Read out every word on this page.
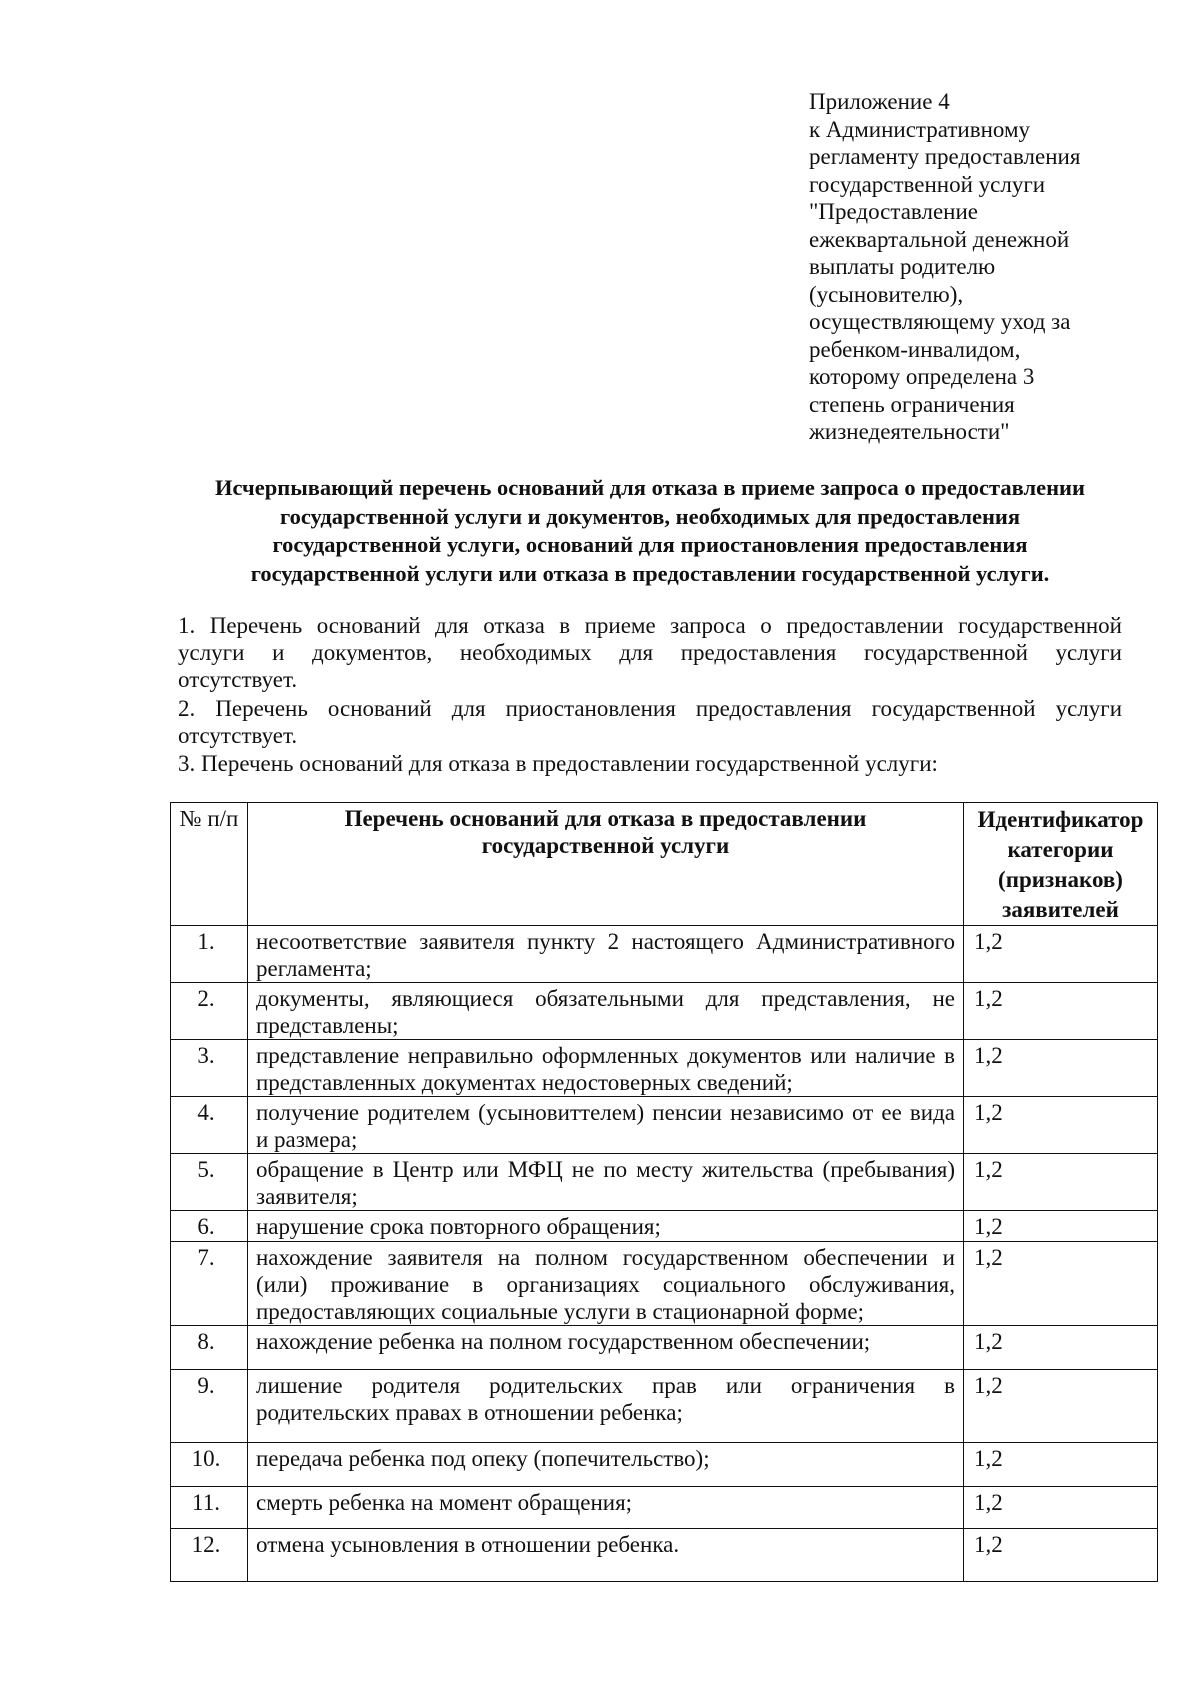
Приложение 4
к Административному
регламенту предоставления
государственной услуги
"Предоставление
ежеквартальной денежной
выплаты родителю
(усыновителю),
осуществляющему уход за
ребенком-инвалидом,
которому определена 3
степень ограничения
жизнедеятельности"
Исчерпывающий перечень оснований для отказа в приеме запроса о предоставлении
государственной услуги и документов, необходимых для предоставления
государственной услуги, оснований для приостановления предоставления
государственной услуги или отказа в предоставлении государственной услуги.
1. Перечень оснований для отказа в приеме запроса о предоставлении государственной
услуги и документов, необходимых для предоставления государственной услуги
отсутствует.
2. Перечень оснований для приостановления предоставления государственной услуги
отсутствует.
3. Перечень оснований для отказа в предоставлении государственной услуги:
№ п/п	Перечень оснований для отказа в предоставлении государственной услуги	Идентификатор категории (признаков) заявителей
1.	несоответствие заявителя пункту 2 настоящего Административного регламента;	1,2
2.	документы, являющиеся обязательными для представления, не представлены;	1,2
3.	представление неправильно оформленных документов или наличие в представленных документах недостоверных сведений;	1,2
4.	получение родителем (усыновиттелем) пенсии независимо от ее вида и размера;	1,2
5.	обращение в Центр или МФЦ не по месту жительства (пребывания) заявителя;	1,2
6.	нарушение срока повторного обращения;	1,2
7.	нахождение заявителя на полном государственном обеспечении и (или) проживание в организациях социального обслуживания, предоставляющих социальные услуги в стационарной форме;	1,2
8.	нахождение ребенка на полном государственном обеспечении;	1,2
9.	лишение родителя родительских прав или ограничения в родительских правах в отношении ребенка;	1,2
10.	передача ребенка под опеку (попечительство);	1,2
11.	смерть ребенка на момент обращения;	1,2
12.	отмена усыновления в отношении ребенка.	1,2
